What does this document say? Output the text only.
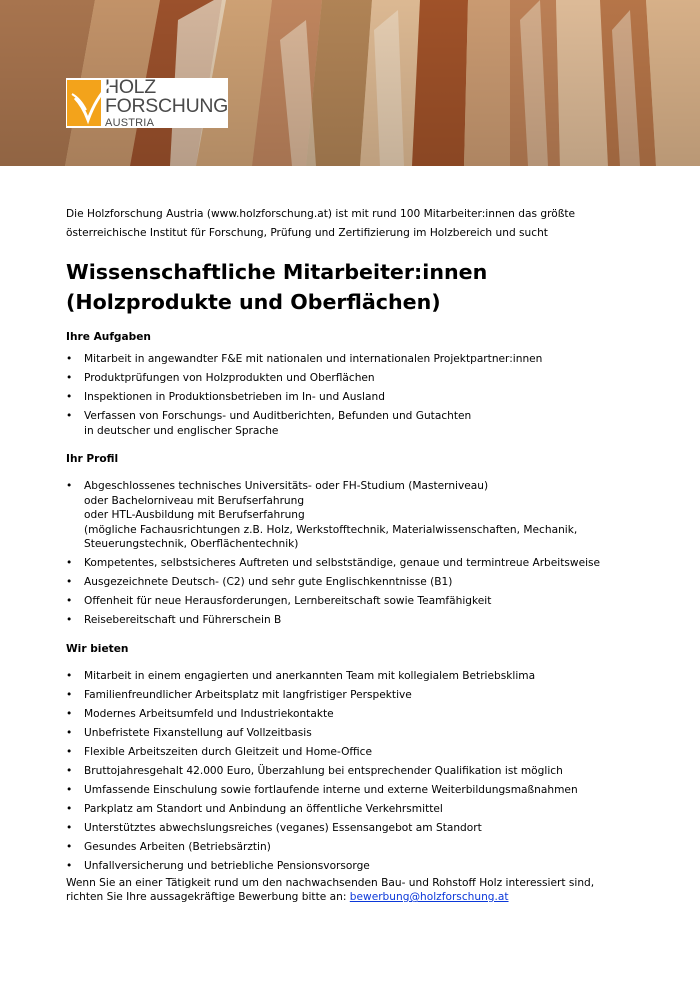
HOLZ
FORSCHUNG
AUSTRIA

Die Holzforschung Austria (www.holzforschung.at) ist mit rund 100 Mitarbeiter:innen das größte
österreichische Institut für Forschung, Prüfung und Zertifizierung im Holzbereich und sucht

Wissenschaftliche Mitarbeiter:innen
(Holzprodukte und Oberflächen)
Ihre Aufgaben
• Mitarbeit in angewandter F&E mit nationalen und internationalen Projektpartner:innen
• Produktprüfungen von Holzprodukten und Oberflächen
• Inspektionen in Produktionsbetrieben im In- und Ausland
• Verfassen von Forschungs- und Auditberichten, Befunden und Gutachten
in deutscher und englischer Sprache
Ihr Profil
• Abgeschlossenes technisches Universitäts- oder FH-Studium (Masterniveau)
oder Bachelorniveau mit Berufserfahrung
oder HTL-Ausbildung mit Berufserfahrung
(mögliche Fachausrichtungen z.B. Holz, Werkstofftechnik, Materialwissenschaften, Mechanik,
Steuerungstechnik, Oberflächentechnik)
• Kompetentes, selbstsicheres Auftreten und selbstständige, genaue und termintreue Arbeitsweise
• Ausgezeichnete Deutsch- (C2) und sehr gute Englischkenntnisse (B1)
• Offenheit für neue Herausforderungen, Lernbereitschaft sowie Teamfähigkeit
• Reisebereitschaft und Führerschein B
Wir bieten
• Mitarbeit in einem engagierten und anerkannten Team mit kollegialem Betriebsklima
• Familienfreundlicher Arbeitsplatz mit langfristiger Perspektive
• Modernes Arbeitsumfeld und Industriekontakte
• Unbefristete Fixanstellung auf Vollzeitbasis
• Flexible Arbeitszeiten durch Gleitzeit und Home-Office
• Bruttojahresgehalt 42.000 Euro, Überzahlung bei entsprechender Qualifikation ist möglich
• Umfassende Einschulung sowie fortlaufende interne und externe Weiterbildungsmaßnahmen
• Parkplatz am Standort und Anbindung an öffentliche Verkehrsmittel
• Unterstütztes abwechslungsreiches (veganes) Essensangebot am Standort
• Gesundes Arbeiten (Betriebsärztin)
• Unfallversicherung und betriebliche Pensionsvorsorge

Wenn Sie an einer Tätigkeit rund um den nachwachsenden Bau- und Rohstoff Holz interessiert sind,
richten Sie Ihre aussagekräftige Bewerbung bitte an: bewerbung@holzforschung.at
